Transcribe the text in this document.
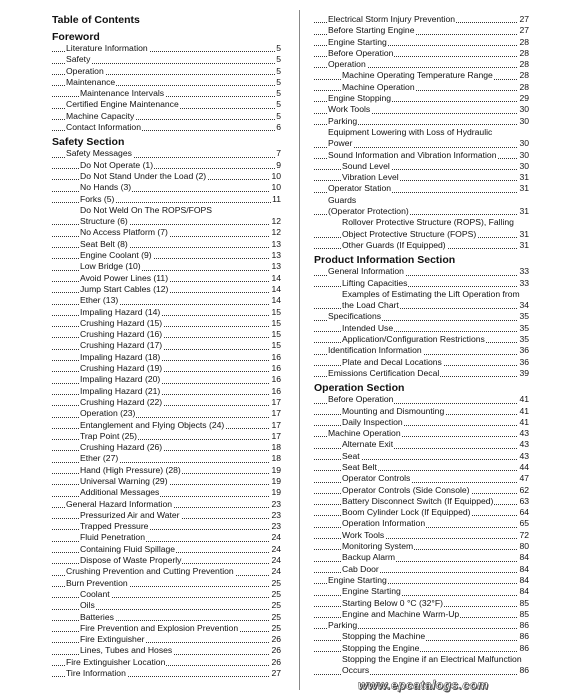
Table of Contents
Foreword
Literature Information	5
Safety	5
Operation	5
Maintenance	5
Maintenance Intervals	5
Certified Engine Maintenance	5
Machine Capacity	5
Contact Information	6
Safety Section
Safety Messages	7
Do Not Operate (1)	9
Do Not Stand Under the Load (2)	10
No Hands (3)	10
Forks (5)	11
Do Not Weld On The ROPS/FOPS
Structure (6)	12
No Access Platform (7)	12
Seat Belt (8)	13
Engine Coolant (9)	13
Low Bridge (10)	13
Avoid Power Lines (11)	14
Jump Start Cables (12)	14
Ether (13)	14
Impaling Hazard (14)	15
Crushing Hazard (15)	15
Crushing Hazard (16)	15
Crushing Hazard (17)	15
Impaling Hazard (18)	16
Crushing Hazard (19)	16
Impaling Hazard (20)	16
Impaling Hazard (21)	16
Crushing Hazard (22)	17
Operation (23)	17
Entanglement and Flying Objects (24)	17
Trap Point (25)	17
Crushing Hazard (26)	18
Ether (27)	18
Hand (High Pressure) (28)	19
Universal Warning (29)	19
Additional Messages	19
General Hazard Information	23
Pressurized Air and Water	23
Trapped Pressure	23
Fluid Penetration	24
Containing Fluid Spillage	24
Dispose of Waste Properly	24
Crushing Prevention and Cutting Prevention	24
Burn Prevention	25
Coolant	25
Oils	25
Batteries	25
Fire Prevention and Explosion Prevention	25
Fire Extinguisher	26
Lines, Tubes and Hoses	26
Fire Extinguisher Location	26
Tire Information	27
Electrical Storm Injury Prevention	27
Before Starting Engine	27
Engine Starting	28
Before Operation	28
Operation	28
Machine Operating Temperature Range	28
Machine Operation	28
Engine Stopping	29
Work Tools	30
Parking	30
Equipment Lowering with Loss of Hydraulic
Power	30
Sound Information and Vibration Information	30
Sound Level	30
Vibration Level	31
Operator Station	31
Guards
(Operator Protection)	31
Rollover Protective Structure (ROPS), Falling
Object Protective Structure (FOPS)	31
Other Guards (If Equipped)	31
Product Information Section
General Information	33
Lifting Capacities	33
Examples of Estimating the Lift Operation from
the Load Chart	34
Specifications	35
Intended Use	35
Application/Configuration Restrictions	35
Identification Information	36
Plate and Decal Locations	36
Emissions Certification Decal	39
Operation Section
Before Operation	41
Mounting and Dismounting	41
Daily Inspection	41
Machine Operation	43
Alternate Exit	43
Seat	43
Seat Belt	44
Operator Controls	47
Operator Controls (Side Console)	62
Battery Disconnect Switch (If Equipped)	63
Boom Cylinder Lock (If Equipped)	64
Operation Information	65
Work Tools	72
Monitoring System	80
Backup Alarm	84
Cab Door	84
Engine Starting	84
Engine Starting	84
Starting Below 0 °C (32°F)	85
Engine and Machine Warm-Up	85
Parking	86
Stopping the Machine	86
Stopping the Engine	86
Stopping the Engine if an Electrical Malfunction
Occurs	86
www.epcatalogs.com
